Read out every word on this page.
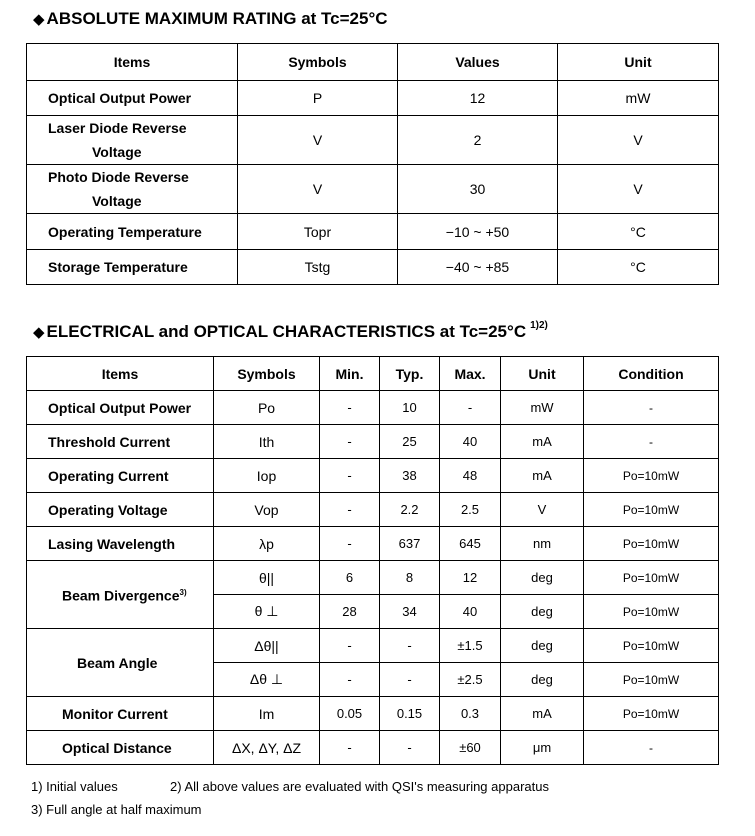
◆ ABSOLUTE MAXIMUM RATING at Tc=25°C
Items	Symbols	Values	Unit
Optical Output Power	P	12	mW
Laser Diode Reverse
Voltage	V	2	V
Photo Diode Reverse
Voltage	V	30	V
Operating Temperature	Topr	−10 ~ +50	°C
Storage Temperature	Tstg	−40 ~ +85	°C
◆ ELECTRICAL and OPTICAL CHARACTERISTICS at Tc=25°C $^{1)2)}$
Items	Symbols	Min.	Typ.	Max.	Unit	Condition
Optical Output Power	Po	-	10	-	mW	-
Threshold Current	Ith	-	25	40	mA	-
Operating Current	Iop	-	38	48	mA	Po=10mW
Operating Voltage	Vop	-	2.2	2.5	V	Po=10mW
Lasing Wavelength	λp	-	637	645	nm	Po=10mW
Beam Divergence$^{3)}$	θ||	6	8	12	deg	Po=10mW
	θ ⊥	28	34	40	deg	Po=10mW
Beam Angle	Δθ||	-	-	±1.5	deg	Po=10mW
	Δθ ⊥	-	-	±2.5	deg	Po=10mW
Monitor Current	Im	0.05	0.15	0.3	mA	Po=10mW
Optical Distance	ΔX, ΔY, ΔZ	-	-	±60	μm	-
1) Initial values	2) All above values are evaluated with QSI's measuring apparatus
3) Full angle at half maximum
